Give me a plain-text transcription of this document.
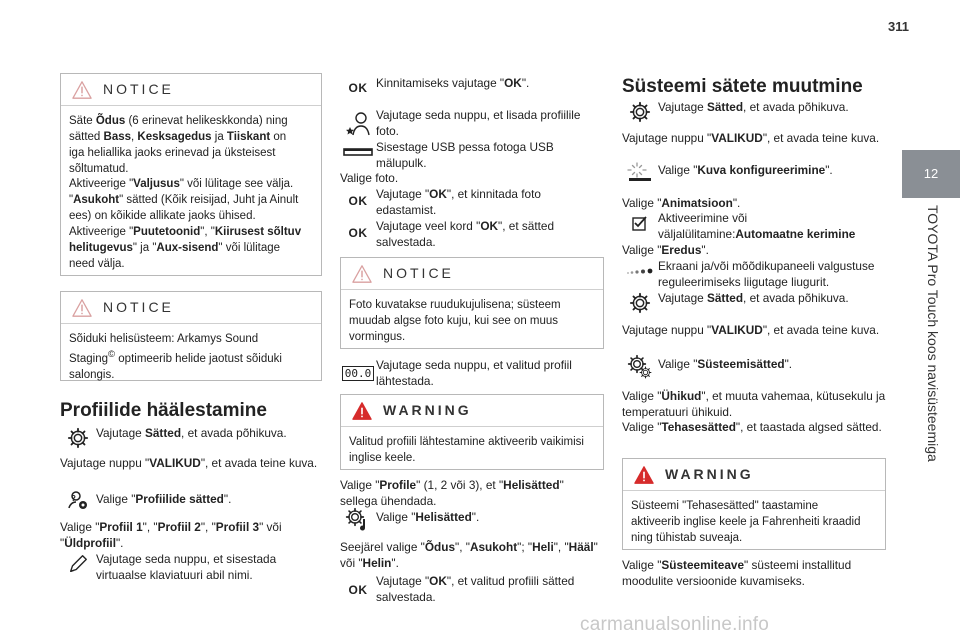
311
12
TOYOTA Pro Touch koos navisüsteemiga
NOTICE
Säte Õdus (6 erinevat helikeskkonda) ning
sätted Bass, Kesksagedus ja Tiiskant on
iga heliallika jaoks erinevad ja üksteisest
sõltumatud.
Aktiveerige "Valjusus" või lülitage see välja.
"Asukoht" sätted (Kõik reisijad, Juht ja Ainult
ees) on kõikide allikate jaoks ühised.
Aktiveerige "Puutetoonid", "Kiirusest sõltuv
helitugevus" ja "Aux-sisend" või lülitage
need välja.
NOTICE
Sõiduki helisüsteem: Arkamys Sound
Staging© optimeerib helide jaotust sõiduki
salongis.
Profiilide häälestamine
Vajutage Sätted, et avada põhikuva.
Vajutage nuppu "VALIKUD", et avada teine kuva.
? Valige "Profiilide sätted".
Valige "Profiil 1", "Profiil 2", "Profiil 3" või "Üldprofiil".
Vajutage seda nuppu, et sisestada virtuaalse klaviatuuri abil nimi.
OK Kinnitamiseks vajutage "OK".
Vajutage seda nuppu, et lisada profiilile foto.
Sisestage USB pessa fotoga USB mälupulk.
Valige foto.
OK
Vajutage "OK", et kinnitada foto edastamist.
OK
Vajutage veel kord "OK", et sätted salvestada.
NOTICE
Foto kuvatakse ruudukujulisena; süsteem
muudab algse foto kuju, kui see on muus
vormingus.
00.0
Vajutage seda nuppu, et valitud profiil lähtestada.
WARNING
Valitud profiili lähtestamine aktiveerib vaikimisi
inglise keele.
Valige "Profile" (1, 2 või 3), et "Helisätted" sellega ühendada.
Valige "Helisätted".
Seejärel valige "Õdus", "Asukoht"; "Heli", "Hääl" või "Helin".
OK
Vajutage "OK", et valitud profiili sätted salvestada.
Süsteemi sätete muutmine
Vajutage Sätted, et avada põhikuva.
Vajutage nuppu "VALIKUD", et avada teine kuva.
Valige "Kuva konfigureerimine".
Valige "Animatsioon".
Aktiveerimine või väljalülitamine:Automaatne kerimine
Valige "Eredus".
Ekraani ja/või mõõdikupaneeli valgustuse reguleerimiseks liigutage liugurit.
Vajutage Sätted, et avada põhikuva.
Vajutage nuppu "VALIKUD", et avada teine kuva.
Valige "Süsteemisätted".
Valige "Ühikud", et muuta vahemaa, kütusekulu ja temperatuuri ühikuid.
Valige "Tehasesätted", et taastada algsed sätted.
WARNING
Süsteemi "Tehasesätted" taastamine
aktiveerib inglise keele ja Fahrenheiti kraadid
ning tühistab suveaja.
Valige "Süsteemiteave" süsteemi installitud moodulite versioonide kuvamiseks.
carmanualsonline.info
